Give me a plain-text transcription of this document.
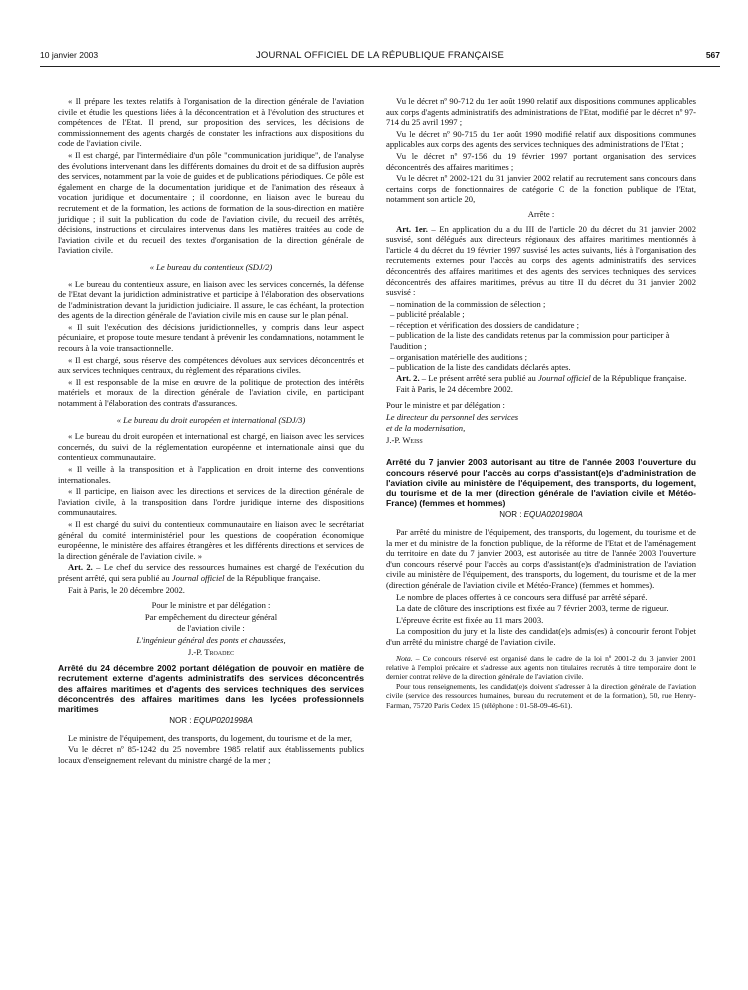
10 janvier 2003	JOURNAL OFFICIEL DE LA RÉPUBLIQUE FRANÇAISE	567

« Il prépare les textes relatifs à l'organisation de la direction générale de l'aviation civile et étudie les questions liées à la déconcentration et à l'évolution des structures et compétences de l'Etat. Il prend, sur proposition des services, les décisions de commissionnement des agents chargés de constater les infractions aux dispositions du code de l'aviation civile.

« Il est chargé, par l'intermédiaire d'un pôle "communication juridique", de l'analyse des évolutions intervenant dans les différents domaines du droit et de sa diffusion auprès des services, notamment par la voie de guides et de publications périodiques. Ce pôle est également en charge de la documentation juridique et de l'animation des réseaux à vocation juridique et documentaire ; il coordonne, en liaison avec le bureau du recrutement et de la formation, les actions de formation de la sous-direction en matière juridique ; il suit la publication du code de l'aviation civile, du recueil des arrêtés, décisions, instructions et circulaires intervenus dans les matières traitées au code de l'aviation civile et du recueil des textes d'organisation de la direction générale de l'aviation civile.

« Le bureau du contentieux (SDJ/2)

« Le bureau du contentieux assure, en liaison avec les services concernés, la défense de l'Etat devant la juridiction administrative et participe à l'élaboration des observations de l'administration devant la juridiction judiciaire. Il assure, le cas échéant, la protection des agents de la direction générale de l'aviation civile mis en cause sur le plan pénal.

« Il suit l'exécution des décisions juridictionnelles, y compris dans leur aspect pécuniaire, et propose toute mesure tendant à prévenir les condamnations, notamment le recours à la voie transactionnelle.

« Il est chargé, sous réserve des compétences dévolues aux services déconcentrés et aux services techniques centraux, du règlement des réparations civiles.

« Il est responsable de la mise en œuvre de la politique de protection des intérêts matériels et moraux de la direction générale de l'aviation civile, en participant notamment à l'élaboration des contrats d'assurances.

« Le bureau du droit européen et international (SDJ/3)

« Le bureau du droit européen et international est chargé, en liaison avec les services concernés, du suivi de la réglementation européenne et internationale ainsi que du contentieux communautaire.

« Il veille à la transposition et à l'application en droit interne des conventions internationales.

« Il participe, en liaison avec les directions et services de la direction générale de l'aviation civile, à la transposition dans l'ordre juridique interne des dispositions communautaires.

« Il est chargé du suivi du contentieux communautaire en liaison avec le secrétariat général du comité interministériel pour les questions de coopération économique européenne, le ministère des affaires étrangères et les différents directions et services de la direction générale de l'aviation civile. »

Art. 2. – Le chef du service des ressources humaines est chargé de l'exécution du présent arrêté, qui sera publié au Journal officiel de la République française.

Fait à Paris, le 20 décembre 2002.

Pour le ministre et par délégation :

Par empêchement du directeur général

de l'aviation civile :

L'ingénieur général des ponts et chaussées,

J.-P. Troadec

Arrêté du 24 décembre 2002 portant délégation de pouvoir en matière de recrutement externe d'agents administratifs des services déconcentrés des affaires maritimes et d'agents des services techniques des services déconcentrés des affaires maritimes dans les lycées professionnels maritimes

NOR : EQUP0201998A

Le ministre de l'équipement, des transports, du logement, du tourisme et de la mer,

Vu le décret nº 85-1242 du 25 novembre 1985 relatif aux établissements publics locaux d'enseignement relevant du ministre chargé de la mer ;

Vu le décret nº 90-712 du 1er août 1990 relatif aux dispositions communes applicables aux corps d'agents administratifs des administrations de l'Etat, modifié par le décret nº 97-714 du 25 avril 1997 ;

Vu le décret nº 90-715 du 1er août 1990 modifié relatif aux dispositions communes applicables aux corps des agents des services techniques des administrations de l'Etat ;

Vu le décret nº 97-156 du 19 février 1997 portant organisation des services déconcentrés des affaires maritimes ;

Vu le décret nº 2002-121 du 31 janvier 2002 relatif au recrutement sans concours dans certains corps de fonctionnaires de catégorie C de la fonction publique de l'Etat, notamment son article 20,

Arrête :

Art. 1er. – En application du a du III de l'article 20 du décret du 31 janvier 2002 susvisé, sont délégués aux directeurs régionaux des affaires maritimes mentionnés à l'article 4 du décret du 19 février 1997 susvisé les actes suivants, liés à l'organisation des recrutements externes pour l'accès au corps des agents administratifs des services déconcentrés des affaires maritimes et des agents des services techniques des services déconcentrés des affaires maritimes, prévus au titre II du décret du 31 janvier 2002 susvisé :

– nomination de la commission de sélection ;
– publicité préalable ;
– réception et vérification des dossiers de candidature ;
– publication de la liste des candidats retenus par la commission pour participer à l'audition ;
– organisation matérielle des auditions ;
– publication de la liste des candidats déclarés aptes.

Art. 2. – Le présent arrêté sera publié au Journal officiel de la République française.

Fait à Paris, le 24 décembre 2002.

Pour le ministre et par délégation :

Le directeur du personnel des services

et de la modernisation,

J.-P. Weiss

Arrêté du 7 janvier 2003 autorisant au titre de l'année 2003 l'ouverture du concours réservé pour l'accès au corps d'assistant(e)s d'administration de l'aviation civile au ministère de l'équipement, des transports, du logement, du tourisme et de la mer (direction générale de l'aviation civile et Météo-France) (femmes et hommes)

NOR : EQUA0201980A

Par arrêté du ministre de l'équipement, des transports, du logement, du tourisme et de la mer et du ministre de la fonction publique, de la réforme de l'Etat et de l'aménagement du territoire en date du 7 janvier 2003, est autorisée au titre de l'année 2003 l'ouverture d'un concours réservé pour l'accès au corps d'assistant(e)s d'administration de l'aviation civile au ministère de l'équipement, des transports, du logement, du tourisme et de la mer (direction générale de l'aviation civile et Météo-France) (femmes et hommes).

Le nombre de places offertes à ce concours sera diffusé par arrêté séparé.

La date de clôture des inscriptions est fixée au 7 février 2003, terme de rigueur.

L'épreuve écrite est fixée au 11 mars 2003.

La composition du jury et la liste des candidat(e)s admis(es) à concourir feront l'objet d'un arrêté du ministre chargé de l'aviation civile.

Nota. – Ce concours réservé est organisé dans le cadre de la loi nº 2001-2 du 3 janvier 2001 relative à l'emploi précaire et s'adresse aux agents non titulaires recrutés à titre temporaire dont le dernier contrat relève de la direction générale de l'aviation civile.

Pour tous renseignements, les candidat(e)s doivent s'adresser à la direction générale de l'aviation civile (service des ressources humaines, bureau du recrutement et de la formation), 50, rue Henry-Farman, 75720 Paris Cedex 15 (téléphone : 01-58-09-46-61).
